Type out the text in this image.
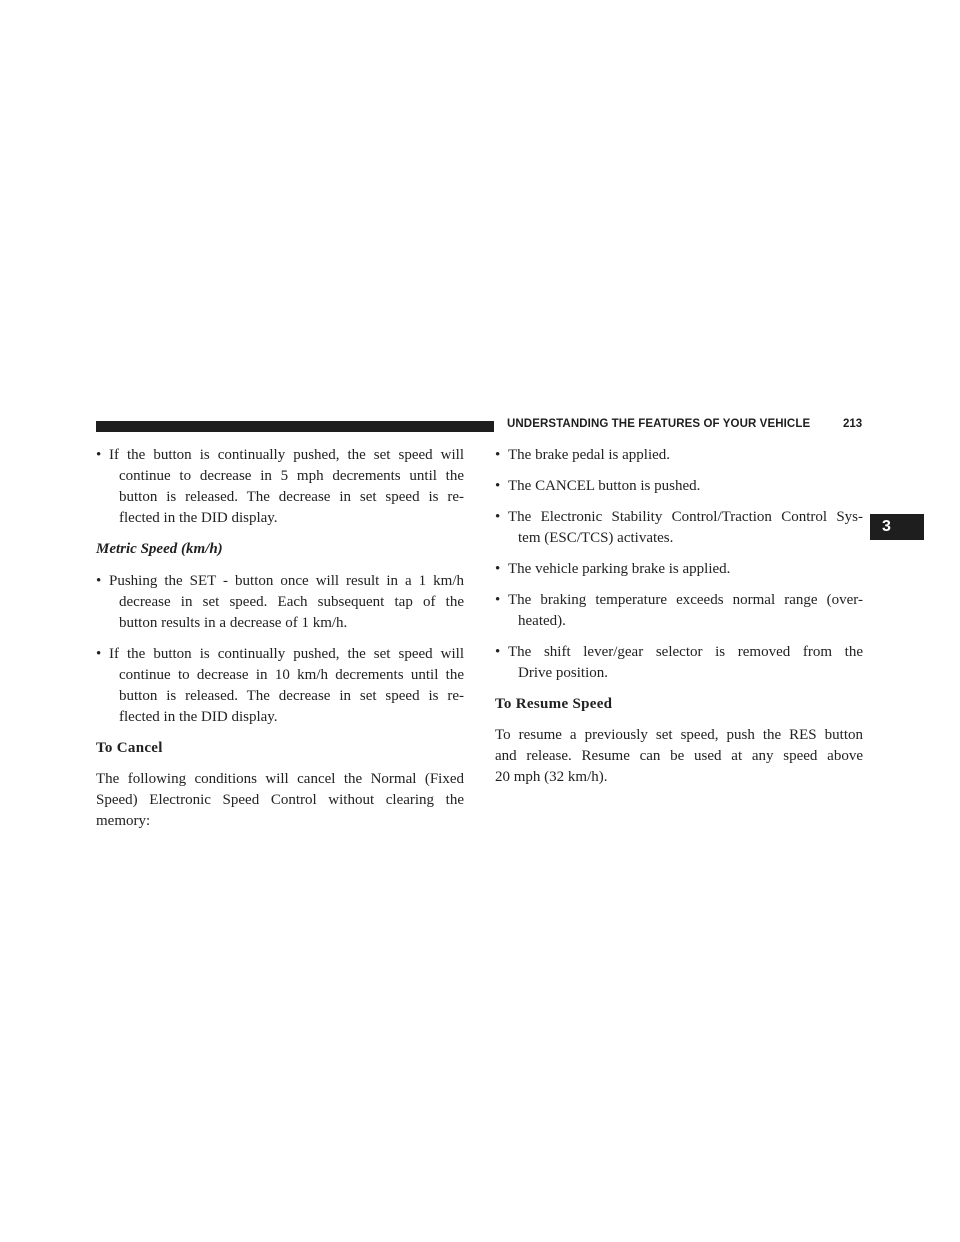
UNDERSTANDING THE FEATURES OF YOUR VEHICLE	213
3
• If the button is continually pushed, the set speed will
continue to decrease in 5 mph decrements until the
button is released. The decrease in set speed is re-
flected in the DID display.
Metric Speed (km/h)
• Pushing the SET - button once will result in a 1 km/h
decrease in set speed. Each subsequent tap of the
button results in a decrease of 1 km/h.
• If the button is continually pushed, the set speed will
continue to decrease in 10 km/h decrements until the
button is released. The decrease in set speed is re-
flected in the DID display.
To Cancel
The following conditions will cancel the Normal (Fixed
Speed) Electronic Speed Control without clearing the
memory:
• The brake pedal is applied.
• The CANCEL button is pushed.
• The Electronic Stability Control/Traction Control Sys-
tem (ESC/TCS) activates.
• The vehicle parking brake is applied.
• The braking temperature exceeds normal range (over-
heated).
• The shift lever/gear selector is removed from the
Drive position.
To Resume Speed
To resume a previously set speed, push the RES button
and release. Resume can be used at any speed above
20 mph (32 km/h).
